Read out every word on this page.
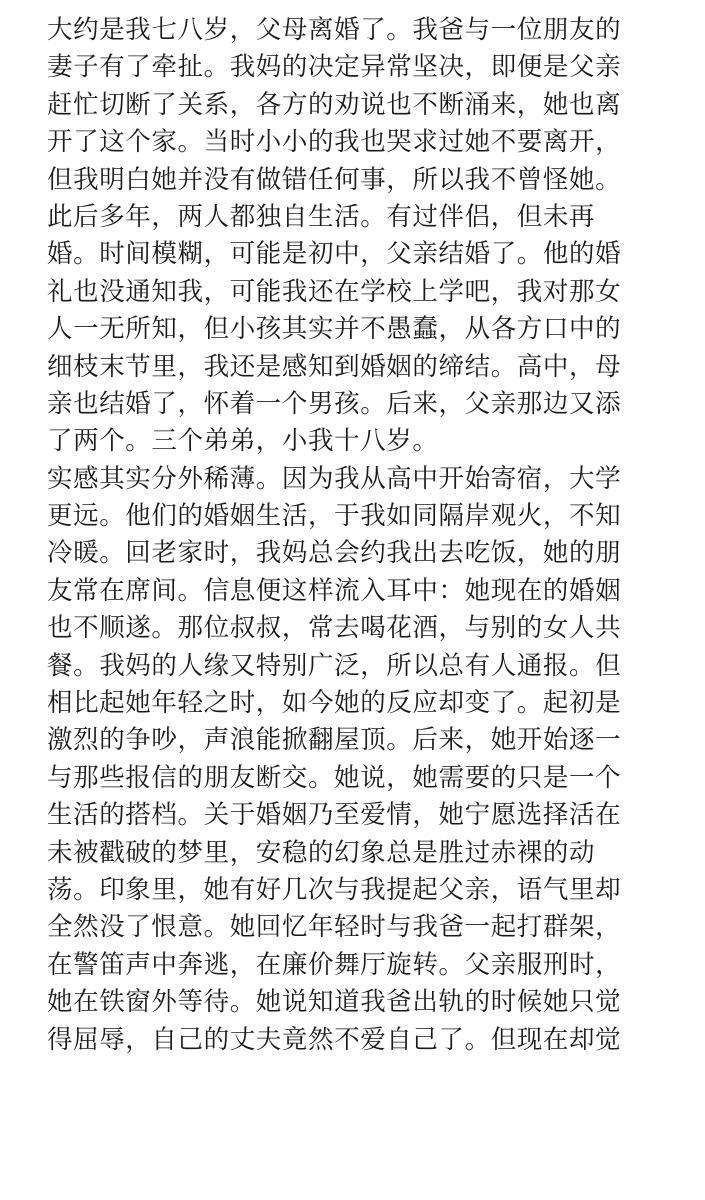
大约是我七八岁，父母离婚了。我爸与一位朋友的
妻子有了牵扯。我妈的决定异常坚决，即便是父亲
赶忙切断了关系，各方的劝说也不断涌来，她也离
开了这个家。当时小小的我也哭求过她不要离开，
但我明白她并没有做错任何事，所以我不曾怪她。
此后多年，两人都独自生活。有过伴侣，但未再
婚。时间模糊，可能是初中，父亲结婚了。他的婚
礼也没通知我，可能我还在学校上学吧，我对那女
人一无所知，但小孩其实并不愚蠢，从各方口中的
细枝末节里，我还是感知到婚姻的缔结。高中，母
亲也结婚了，怀着一个男孩。后来，父亲那边又添
了两个。三个弟弟，小我十八岁。
实感其实分外稀薄。因为我从高中开始寄宿，大学
更远。他们的婚姻生活，于我如同隔岸观火，不知
冷暖。回老家时，我妈总会约我出去吃饭，她的朋
友常在席间。信息便这样流入耳中：她现在的婚姻
也不顺遂。那位叔叔，常去喝花酒，与别的女人共
餐。我妈的人缘又特别广泛，所以总有人通报。但
相比起她年轻之时，如今她的反应却变了。起初是
激烈的争吵，声浪能掀翻屋顶。后来，她开始逐一
与那些报信的朋友断交。她说，她需要的只是一个
生活的搭档。关于婚姻乃至爱情，她宁愿选择活在
未被戳破的梦里，安稳的幻象总是胜过赤裸的动
荡。印象里，她有好几次与我提起父亲，语气里却
全然没了恨意。她回忆年轻时与我爸一起打群架，
在警笛声中奔逃，在廉价舞厅旋转。父亲服刑时，
她在铁窗外等待。她说知道我爸出轨的时候她只觉
得屈辱，自己的丈夫竟然不爱自己了。但现在却觉
